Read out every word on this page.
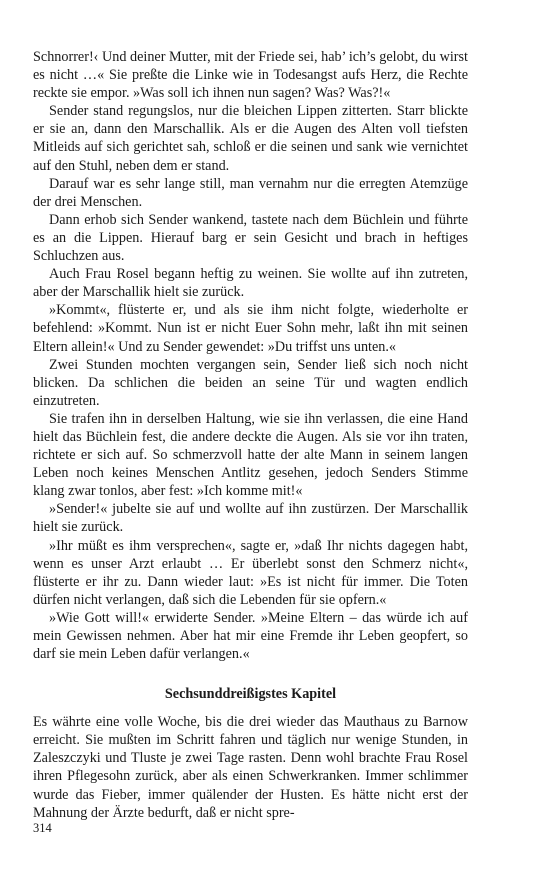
Schnorrer!‹ Und deiner Mutter, mit der Friede sei, hab’ ich’s gelobt, du wirst es nicht …« Sie preßte die Linke wie in Todesangst aufs Herz, die Rechte reckte sie empor. »Was soll ich ihnen nun sagen? Was? Was?!«

Sender stand regungslos, nur die bleichen Lippen zitterten. Starr blickte er sie an, dann den Marschallik. Als er die Augen des Alten voll tiefsten Mitleids auf sich gerichtet sah, schloß er die seinen und sank wie vernichtet auf den Stuhl, neben dem er stand.

Darauf war es sehr lange still, man vernahm nur die erregten Atemzüge der drei Menschen.

Dann erhob sich Sender wankend, tastete nach dem Büchlein und führte es an die Lippen. Hierauf barg er sein Gesicht und brach in heftiges Schluchzen aus.

Auch Frau Rosel begann heftig zu weinen. Sie wollte auf ihn zutreten, aber der Marschallik hielt sie zurück.

»Kommt«, flüsterte er, und als sie ihm nicht folgte, wiederholte er befehlend: »Kommt. Nun ist er nicht Euer Sohn mehr, laßt ihn mit seinen Eltern allein!« Und zu Sender gewendet: »Du triffst uns unten.«

Zwei Stunden mochten vergangen sein, Sender ließ sich noch nicht blicken. Da schlichen die beiden an seine Tür und wagten endlich einzutreten.

Sie trafen ihn in derselben Haltung, wie sie ihn verlassen, die eine Hand hielt das Büchlein fest, die andere deckte die Augen. Als sie vor ihn traten, richtete er sich auf. So schmerzvoll hatte der alte Mann in seinem langen Leben noch keines Menschen Antlitz gesehen, jedoch Senders Stimme klang zwar tonlos, aber fest: »Ich komme mit!«

»Sender!« jubelte sie auf und wollte auf ihn zustürzen. Der Marschallik hielt sie zurück.

»Ihr müßt es ihm versprechen«, sagte er, »daß Ihr nichts dagegen habt, wenn es unser Arzt erlaubt … Er überlebt sonst den Schmerz nicht«, flüsterte er ihr zu. Dann wieder laut: »Es ist nicht für immer. Die Toten dürfen nicht verlangen, daß sich die Lebenden für sie opfern.«

»Wie Gott will!« erwiderte Sender. »Meine Eltern – das würde ich auf mein Gewissen nehmen. Aber hat mir eine Fremde ihr Leben geopfert, so darf sie mein Leben dafür verlangen.«

Sechsunddreißigstes Kapitel

Es währte eine volle Woche, bis die drei wieder das Mauthaus zu Barnow erreicht. Sie mußten im Schritt fahren und täglich nur wenige Stunden, in Zaleszczyki und Tluste je zwei Tage rasten. Denn wohl brachte Frau Rosel ihren Pflegesohn zurück, aber als einen Schwerkranken. Immer schlimmer wurde das Fieber, immer quälender der Husten. Es hätte nicht erst der Mahnung der Ärzte bedurft, daß er nicht spre-

314
